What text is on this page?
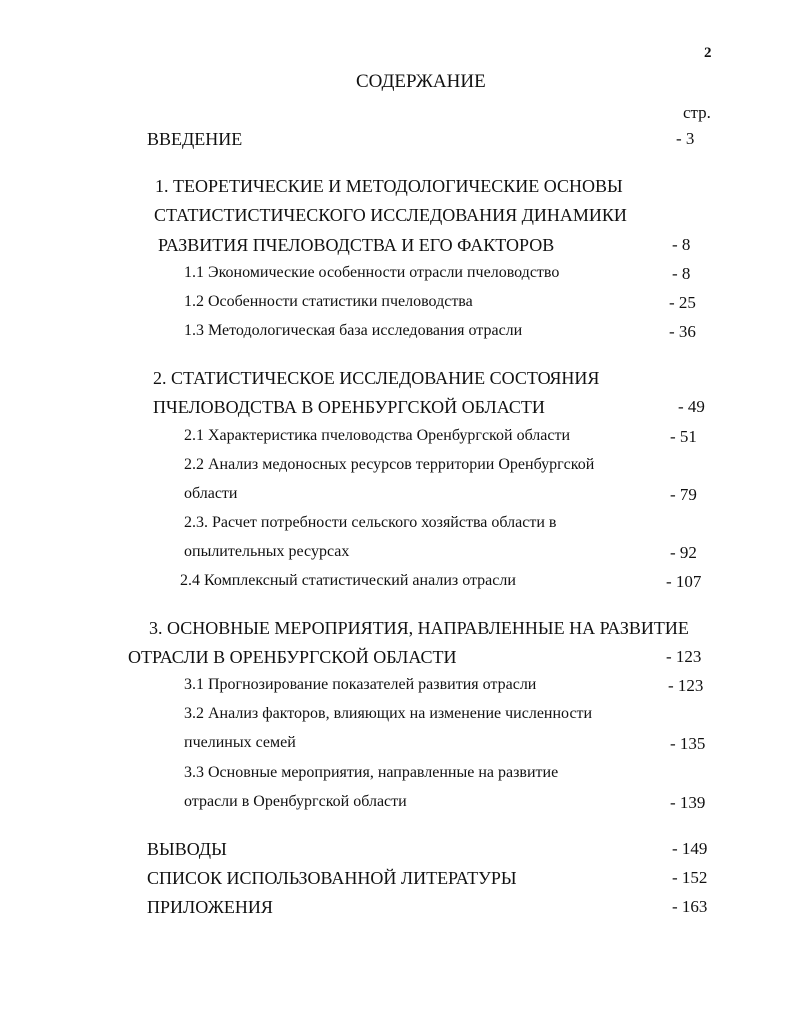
2
СОДЕРЖАНИЕ
стр.
ВВЕДЕНИЕ	- 3
1. ТЕОРЕТИЧЕСКИЕ И МЕТОДОЛОГИЧЕСКИЕ ОСНОВЫ
СТАТИСТИСТИЧЕСКОГО ИССЛЕДОВАНИЯ ДИНАМИКИ
РАЗВИТИЯ ПЧЕЛОВОДСТВА И ЕГО ФАКТОРОВ	- 8
1.1 Экономические особенности отрасли пчеловодство	- 8
1.2 Особенности статистики пчеловодства	- 25
1.3 Методологическая база исследования отрасли	- 36
2. СТАТИСТИЧЕСКОЕ ИССЛЕДОВАНИЕ СОСТОЯНИЯ
ПЧЕЛОВОДСТВА В ОРЕНБУРГСКОЙ ОБЛАСТИ	- 49
2.1 Характеристика пчеловодства Оренбургской области	- 51
2.2 Анализ медоносных ресурсов территории Оренбургской
области	- 79
2.3. Расчет потребности сельского хозяйства области в
опылительных ресурсах	- 92
2.4 Комплексный статистический анализ отрасли	- 107
3. ОСНОВНЫЕ МЕРОПРИЯТИЯ, НАПРАВЛЕННЫЕ НА РАЗВИТИЕ
ОТРАСЛИ В ОРЕНБУРГСКОЙ ОБЛАСТИ	- 123
3.1 Прогнозирование показателей развития отрасли	- 123
3.2 Анализ факторов, влияющих на изменение численности
пчелиных семей	- 135
3.3 Основные мероприятия, направленные на развитие
отрасли в Оренбургской области	- 139
ВЫВОДЫ	- 149
СПИСОК ИСПОЛЬЗОВАННОЙ ЛИТЕРАТУРЫ	- 152
ПРИЛОЖЕНИЯ	- 163
